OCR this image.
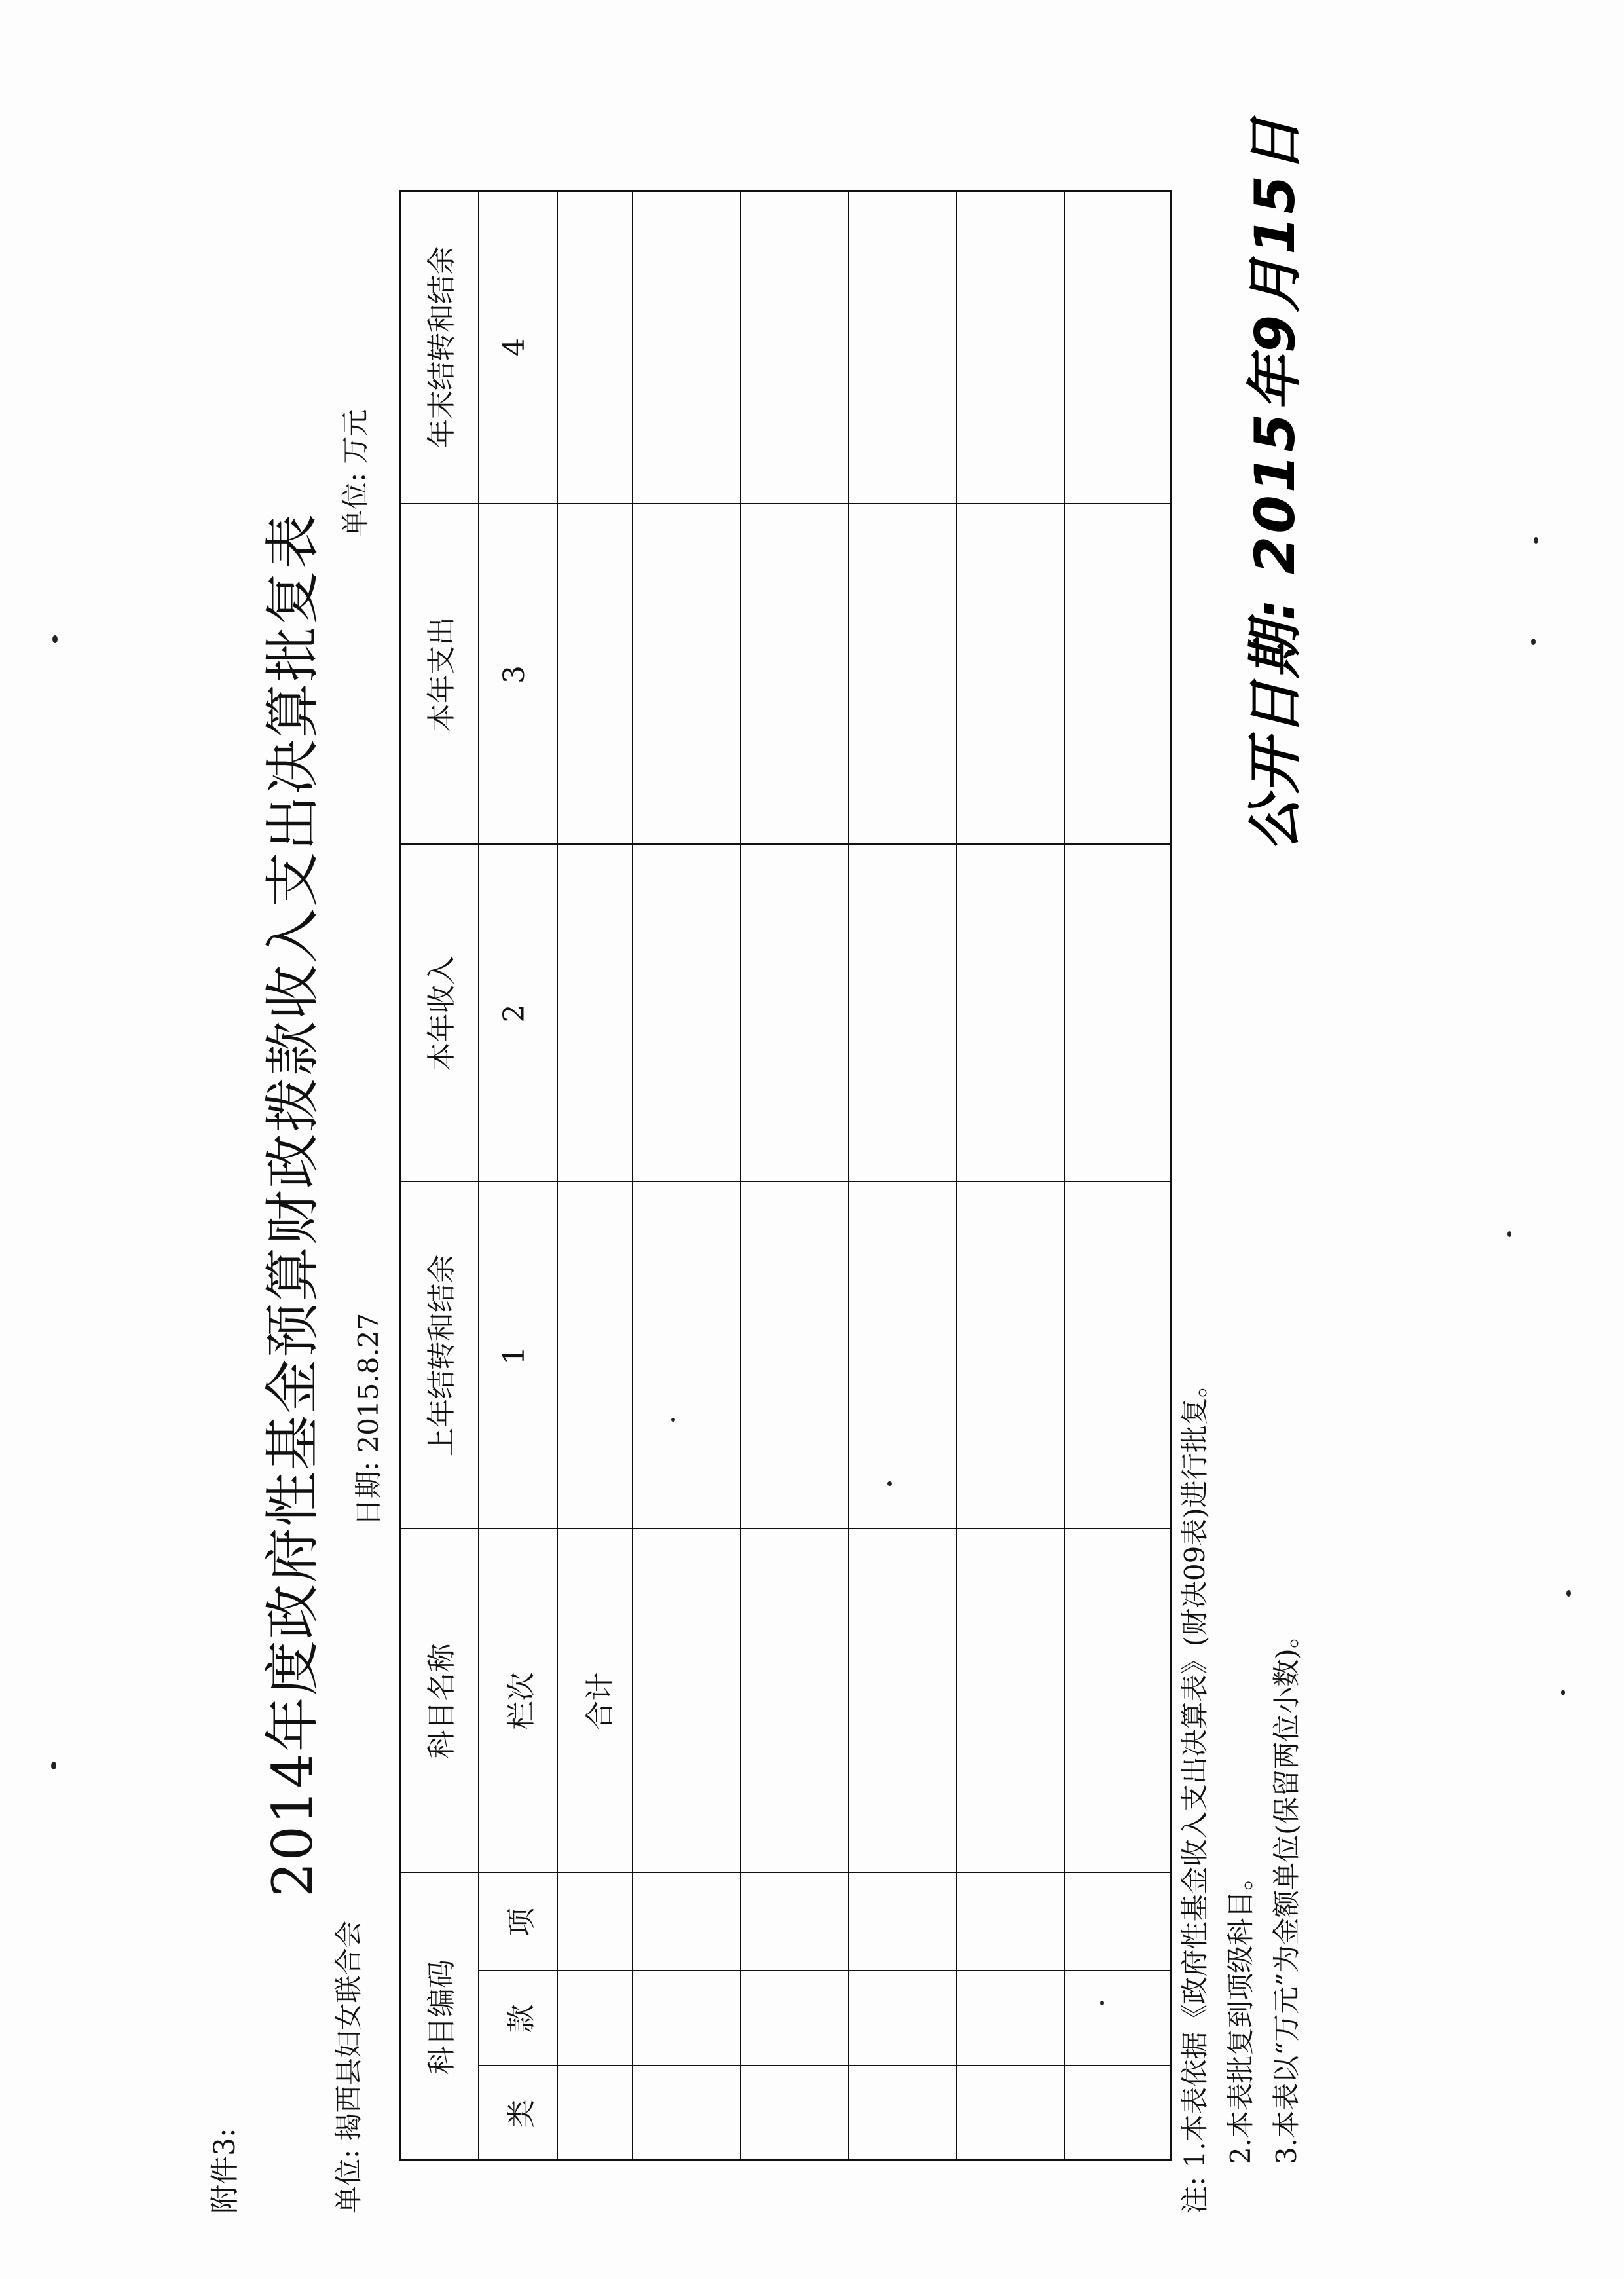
附件3:
2014年度政府性基金预算财政拨款收入支出决算批复表
单位: 揭西县妇女联合会
日期: 2015.8.27
单位: 万元
科目编码
类
款
项
科目名称
上年结转和结余
本年收入
本年支出
年末结转和结余
栏次
1
2
3
4
合计	注: 1.本表依据《政府性基金收入支出决算表》(财决09表)进行批复。 2.本表批复到项级科目。 3.本表以“万元”为金额单位(保留两位小数)。
公开日期: 2015年9月15日
